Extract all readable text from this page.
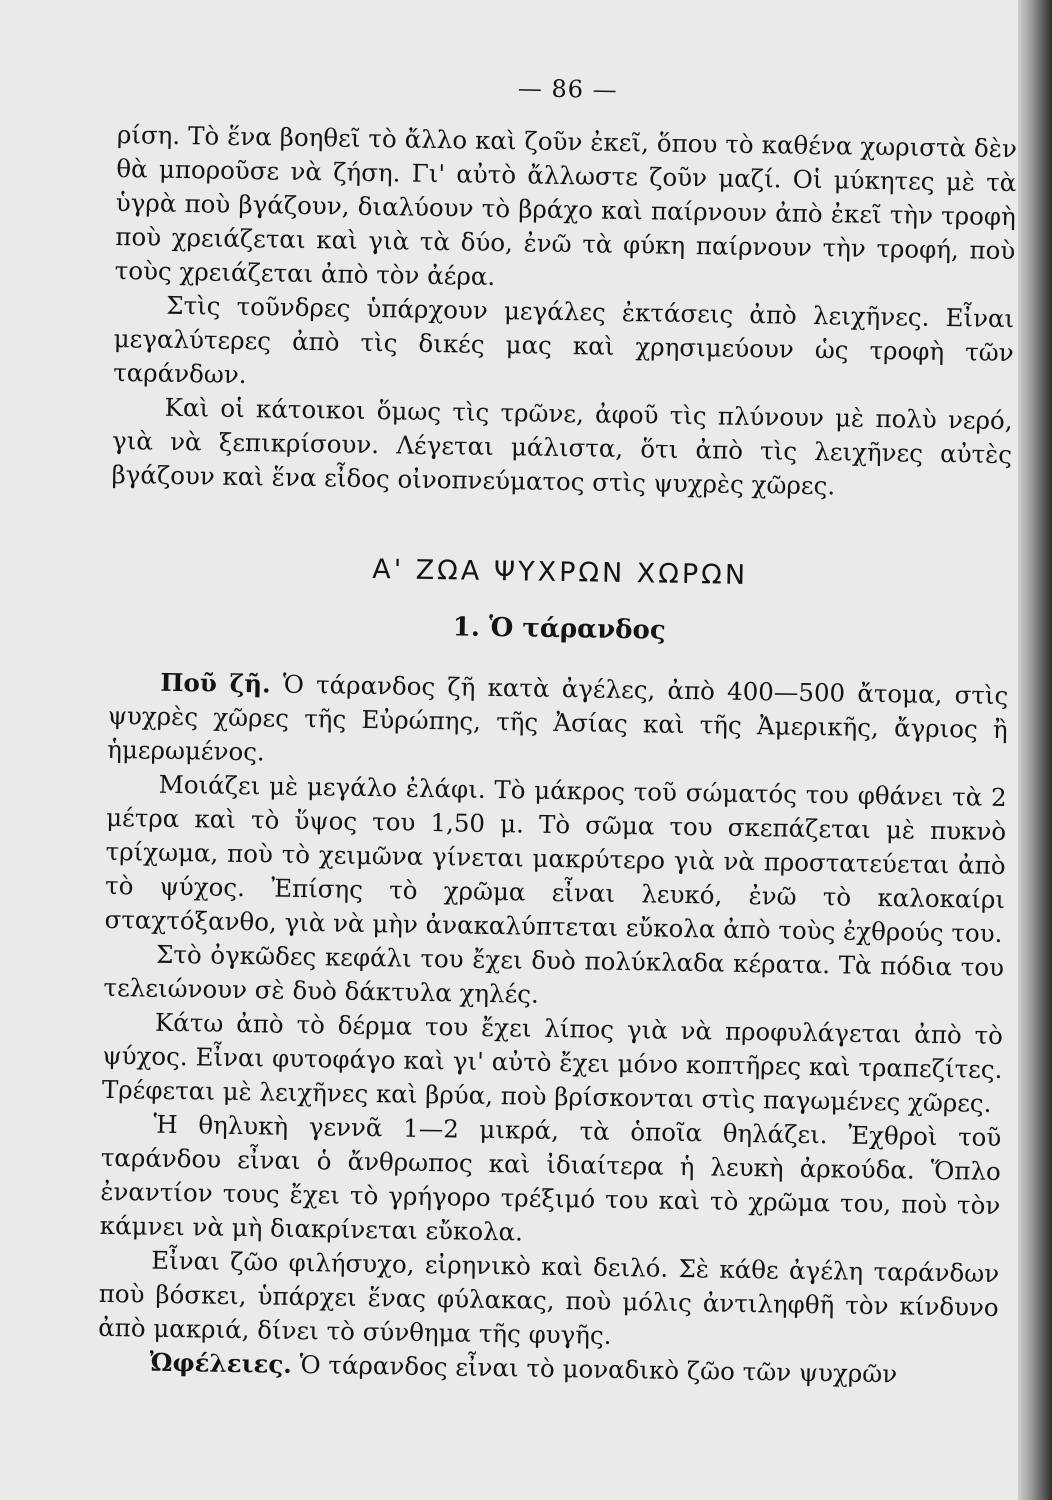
— 86 —

ρίση. Τὸ ἕνα βοηθεῖ τὸ ἄλλο καὶ ζοῦν ἐκεῖ, ὅπου τὸ καθένα χωριστὰ δὲν θὰ μποροῦσε νὰ ζήση. Γι' αὐτὸ ἄλλωστε ζοῦν μαζί. Οἱ μύκητες μὲ τὰ ὑγρὰ ποὺ βγάζουν, διαλύουν τὸ βράχο καὶ παίρνουν ἀπὸ ἐκεῖ τὴν τροφὴ ποὺ χρειάζεται καὶ γιὰ τὰ δύο, ἐνῶ τὰ φύκη παίρνουν τὴν τροφή, ποὺ τοὺς χρειάζεται ἀπὸ τὸν ἀέρα.

Στὶς τοῦνδρες ὑπάρχουν μεγάλες ἐκτάσεις ἀπὸ λειχῆνες. Εἶναι μεγαλύτερες ἀπὸ τὶς δικές μας καὶ χρησιμεύουν ὡς τροφὴ τῶν ταράνδων.

Καὶ οἱ κάτοικοι ὅμως τὶς τρῶνε, ἀφοῦ τὶς πλύνουν μὲ πολὺ νερό, γιὰ νὰ ξεπικρίσουν. Λέγεται μάλιστα, ὅτι ἀπὸ τὶς λειχῆνες αὐτὲς βγάζουν καὶ ἕνα εἶδος οἰνοπνεύματος στὶς ψυχρὲς χῶρες.

Α' ΖΩΑ ΨΥΧΡΩΝ ΧΩΡΩΝ
1. Ὁ τάρανδος

Ποῦ ζῆ. Ὁ τάρανδος ζῆ κατὰ ἀγέλες, ἀπὸ 400—500 ἄτομα, στὶς ψυχρὲς χῶρες τῆς Εὐρώπης, τῆς Ἀσίας καὶ τῆς Ἀμερικῆς, ἄγριος ἢ ἡμερωμένος.

Μοιάζει μὲ μεγάλο ἐλάφι. Τὸ μάκρος τοῦ σώματός του φθάνει τὰ 2 μέτρα καὶ τὸ ὕψος του 1,50 μ. Τὸ σῶμα του σκεπάζεται μὲ πυκνὸ τρίχωμα, ποὺ τὸ χειμῶνα γίνεται μακρύτερο γιὰ νὰ προστατεύεται ἀπὸ τὸ ψύχος. Ἐπίσης τὸ χρῶμα εἶναι λευκό, ἐνῶ τὸ καλοκαίρι σταχτόξανθο, γιὰ νὰ μὴν ἀνακαλύπτεται εὔκολα ἀπὸ τοὺς ἐχθρούς του.

Στὸ ὀγκῶδες κεφάλι του ἔχει δυὸ πολύκλαδα κέρατα. Τὰ πόδια του τελειώνουν σὲ δυὸ δάκτυλα χηλές.

Κάτω ἀπὸ τὸ δέρμα του ἔχει λίπος γιὰ νὰ προφυλάγεται ἀπὸ τὸ ψύχος. Εἶναι φυτοφάγο καὶ γι' αὐτὸ ἔχει μόνο κοπτῆρες καὶ τραπεζίτες. Τρέφεται μὲ λειχῆνες καὶ βρύα, ποὺ βρίσκονται στὶς παγωμένες χῶρες.

Ἡ θηλυκὴ γεννᾶ 1—2 μικρά, τὰ ὁποῖα θηλάζει. Ἐχθροὶ τοῦ ταράνδου εἶναι ὁ ἄνθρωπος καὶ ἰδιαίτερα ἡ λευκὴ ἀρκούδα. Ὅπλο ἐναντίον τους ἔχει τὸ γρήγορο τρέξιμό του καὶ τὸ χρῶμα του, ποὺ τὸν κάμνει νὰ μὴ διακρίνεται εὔκολα.

Εἶναι ζῶο φιλήσυχο, εἰρηνικὸ καὶ δειλό. Σὲ κάθε ἀγέλη ταράνδων ποὺ βόσκει, ὑπάρχει ἕνας φύλακας, ποὺ μόλις ἀντιληφθῆ τὸν κίνδυνο ἀπὸ μακριά, δίνει τὸ σύνθημα τῆς φυγῆς.

Ὠφέλειες. Ὁ τάρανδος εἶναι τὸ μοναδικὸ ζῶο τῶν ψυχρῶν
